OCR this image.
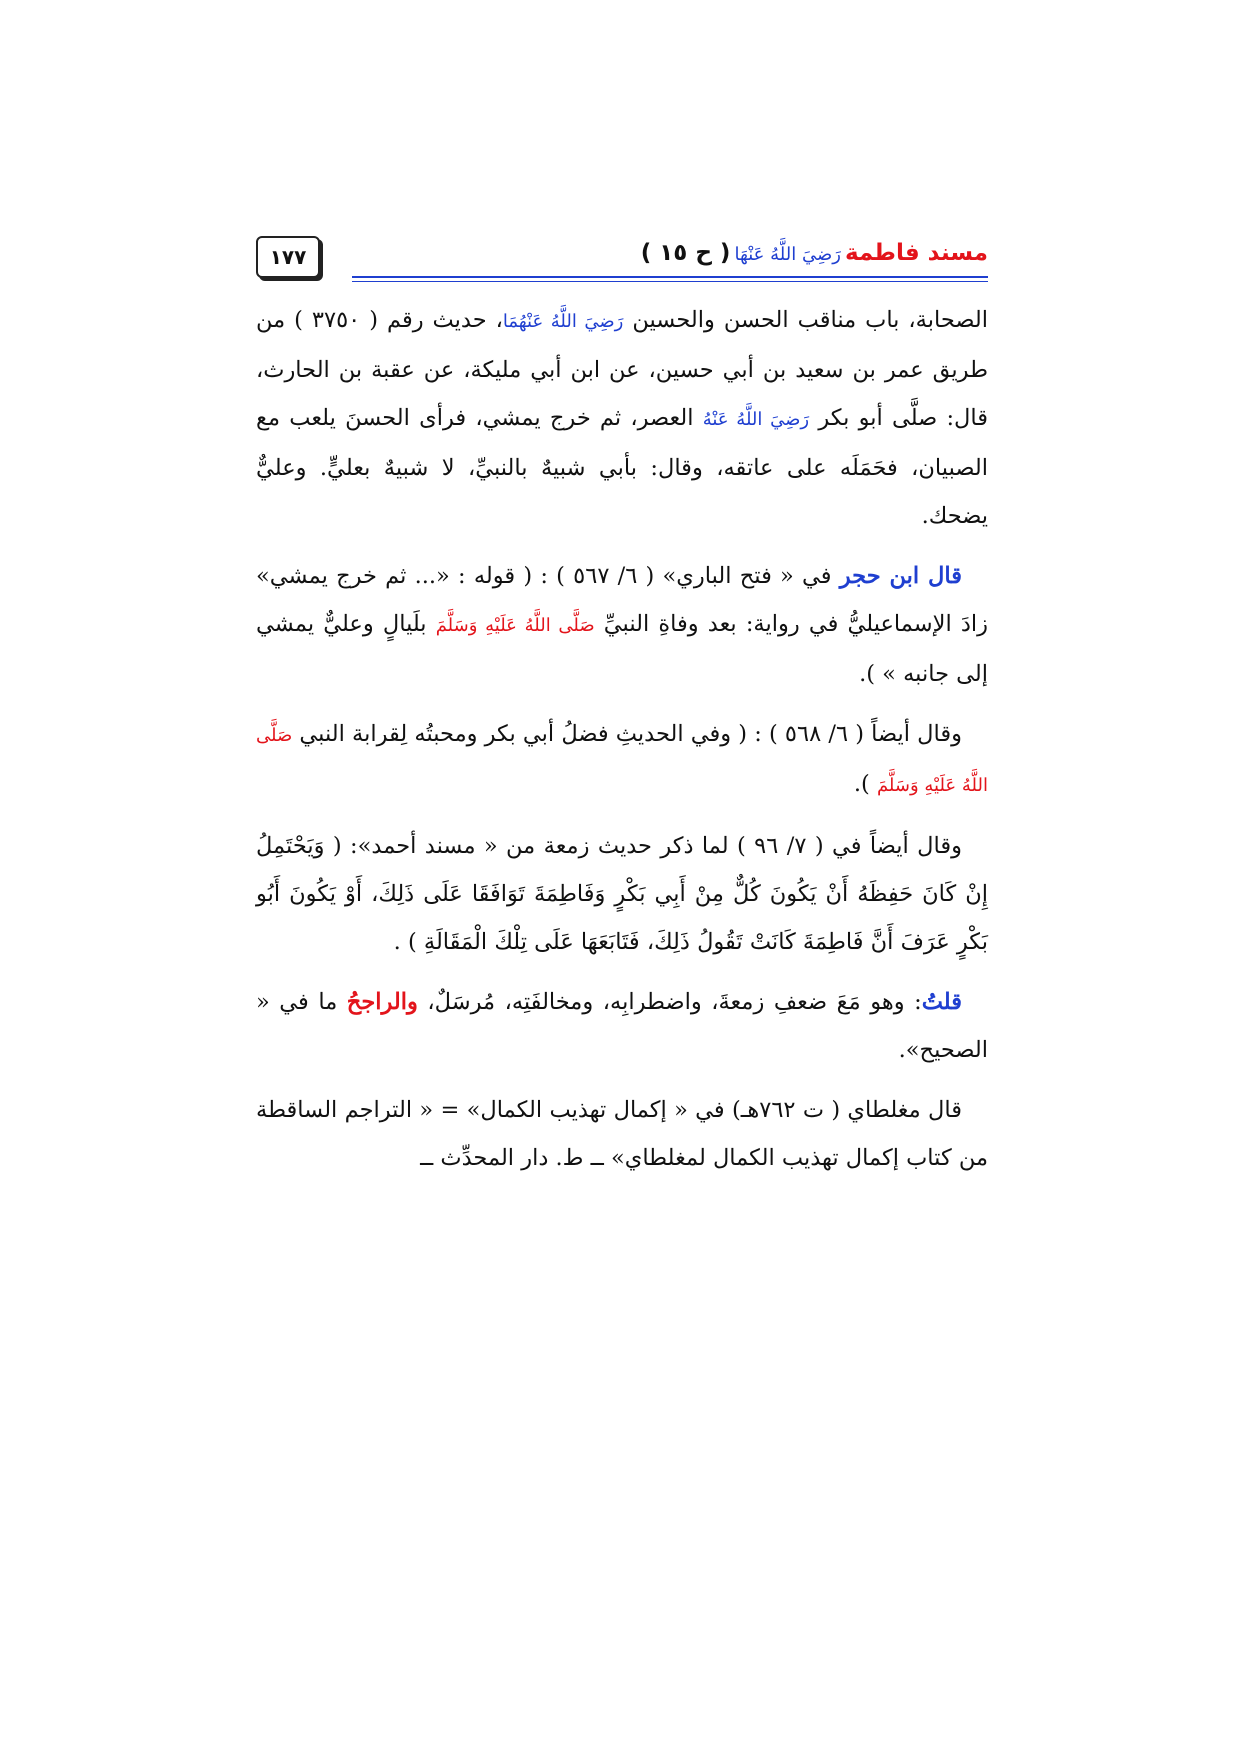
مسند فاطمةرَضِيَ اللَّهُ عَنْهَا( ح ١٥ )
١٧٧

الصحابة، باب مناقب الحسن والحسين رَضِيَ اللَّهُ عَنْهُمَا، حديث رقم ( ٣٧٥٠ ) من طريق عمر بن سعيد بن أبي حسين، عن ابن أبي مليكة، عن عقبة بن الحارث، قال: صلَّى أبو بكر رَضِيَ اللَّهُ عَنْهُ العصر، ثم خرج يمشي، فرأى الحسنَ يلعب مع الصبيان، فحَمَلَه على عاتقه، وقال: بأبي شبيهٌ بالنبيِّ، لا شبيهٌ بعليٍّ. وعليٌّ يضحك.

قال ابن حجر في « فتح الباري» ( ٦/ ٥٦٧ ) : ( قوله : «... ثم خرج يمشي» زادَ الإسماعيليُّ في رواية: بعد وفاةِ النبيِّ صَلَّى اللَّهُ عَلَيْهِ وَسَلَّمَ بلَيالٍ وعليٌّ يمشي إلى جانبه » ).

وقال أيضاً ( ٦/ ٥٦٨ ) : ( وفي الحديثِ فضلُ أبي بكر ومحبتُه لِقرابة النبي صَلَّى اللَّهُ عَلَيْهِ وَسَلَّمَ ).

وقال أيضاً في ( ٧/ ٩٦ ) لما ذكر حديث زمعة من « مسند أحمد»: ( وَيَحْتَمِلُ إِنْ كَانَ حَفِظَهُ أَنْ يَكُونَ كُلٌّ مِنْ أَبِي بَكْرٍ وَفَاطِمَةَ تَوَافَقَا عَلَى ذَلِكَ، أَوْ يَكُونَ أَبُو بَكْرٍ عَرَفَ أَنَّ فَاطِمَةَ كَانَتْ تَقُولُ ذَلِكَ، فَتَابَعَهَا عَلَى تِلْكَ الْمَقَالَةِ ) .

قلتُ: وهو مَعَ ضعفِ زمعةَ، واضطرابِه، ومخالفَتِه، مُرسَلٌ، والراجحُ ما في « الصحيح».

قال مغلطاي ( ت ٧٦٢هـ) في « إكمال تهذيب الكمال» = « التراجم الساقطة من كتاب إكمال تهذيب الكمال لمغلطاي» ــ ط. دار المحدِّث ــ
